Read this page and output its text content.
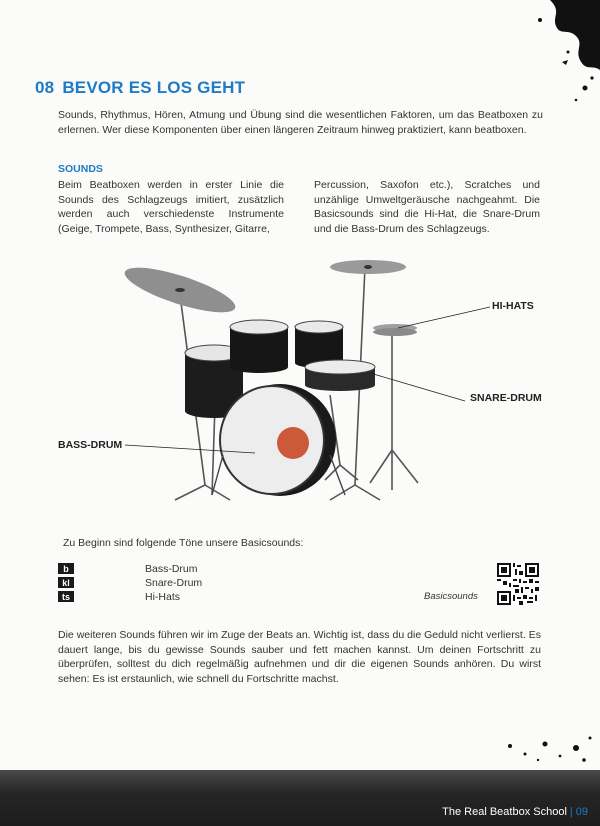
08 BEVOR ES LOS GEHT
Sounds, Rhythmus, Hören, Atmung und Übung sind die wesentlichen Faktoren, um das Beatboxen zu erlernen. Wer diese Komponenten über einen längeren Zeitraum hinweg praktiziert, kann beatboxen.
SOUNDS
Beim Beatboxen werden in erster Linie die Sounds des Schlagzeugs imitiert, zusätzlich werden auch verschiedenste Instrumente (Geige, Trompete, Bass, Synthesizer, Gitarre,
Percussion, Saxofon etc.), Scratches und unzählige Umweltgeräusche nachgeahmt. Die Basicsounds sind die Hi-Hat, die Snare-Drum und die Bass-Drum des Schlagzeugs.
HI-HATS
SNARE-DRUM
BASS-DRUM
Zu Beginn sind folgende Töne unsere Basicsounds:
b	Bass-Drum
kl	Snare-Drum
ts	Hi-Hats	Basicsounds
Die weiteren Sounds führen wir im Zuge der Beats an. Wichtig ist, dass du die Geduld nicht verlierst. Es dauert lange, bis du gewisse Sounds sauber und fett machen kannst. Um deinen Fortschritt zu überprüfen, solltest du dich regelmäßig aufnehmen und dir die eigenen Sounds anhören. Du wirst sehen: Es ist erstaunlich, wie schnell du Fortschritte machst.
The Real Beatbox School | 09
